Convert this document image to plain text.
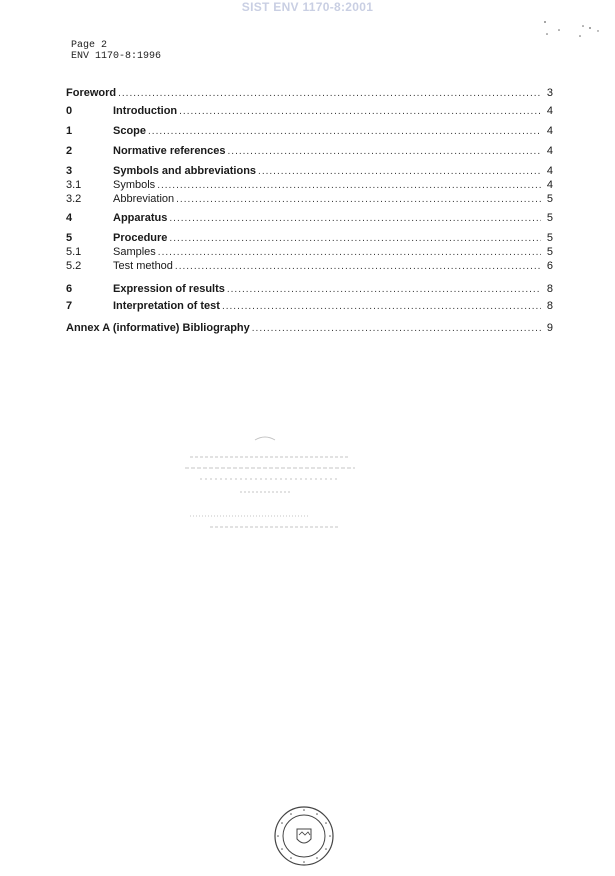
SIST ENV 1170-8:2001
Page 2
ENV 1170-8:1996
Foreword .....	3
0	Introduction .....	4
1	Scope .....	4
2	Normative references .....	4
3	Symbols and abbreviations .....	4
3.1	Symbols .....	4
3.2	Abbreviation .....	5
4	Apparatus .....	5
5	Procedure .....	5
5.1	Samples .....	5
5.2	Test method .....	6
6	Expression of results .....	8
7	Interpretation of test .....	8
Annex A (informative) Bibliography .....	9
